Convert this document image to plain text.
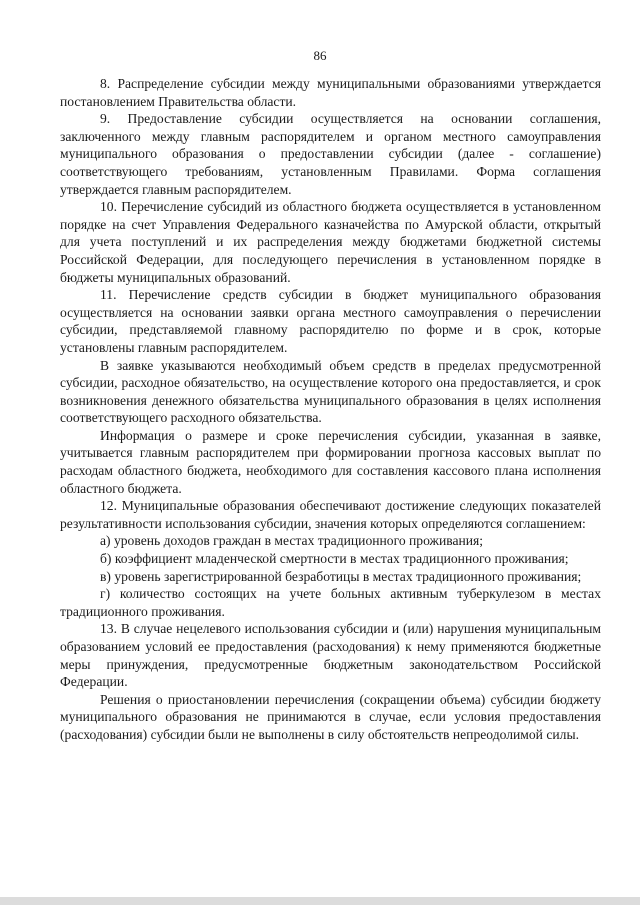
86

8. Распределение субсидии между муниципальными образованиями утверждается постановлением Правительства области.

9. Предоставление субсидии осуществляется на основании соглашения, заключенного между главным распорядителем и органом местного самоуправления муниципального образования о предоставлении субсидии (далее - соглашение) соответствующего требованиям, установленным Правилами. Форма соглашения утверждается главным распорядителем.

10. Перечисление субсидий из областного бюджета осуществляется в установленном порядке на счет Управления Федерального казначейства по Амурской области, открытый для учета поступлений и их распределения между бюджетами бюджетной системы Российской Федерации, для последующего перечисления в установленном порядке в бюджеты муниципальных образований.

11. Перечисление средств субсидии в бюджет муниципального образования осуществляется на основании заявки органа местного самоуправления о перечислении субсидии, представляемой главному распорядителю по форме и в срок, которые установлены главным распорядителем.

В заявке указываются необходимый объем средств в пределах предусмотренной субсидии, расходное обязательство, на осуществление которого она предоставляется, и срок возникновения денежного обязательства муниципального образования в целях исполнения соответствующего расходного обязательства.

Информация о размере и сроке перечисления субсидии, указанная в заявке, учитывается главным распорядителем при формировании прогноза кассовых выплат по расходам областного бюджета, необходимого для составления кассового плана исполнения областного бюджета.

12. Муниципальные образования обеспечивают достижение следующих показателей результативности использования субсидии, значения которых определяются соглашением:

а) уровень доходов граждан в местах традиционного проживания;

б) коэффициент младенческой смертности в местах традиционного проживания;

в) уровень зарегистрированной безработицы в местах традиционного проживания;

г) количество состоящих на учете больных активным туберкулезом в местах традиционного проживания.

13. В случае нецелевого использования субсидии и (или) нарушения муниципальным образованием условий ее предоставления (расходования) к нему применяются бюджетные меры принуждения, предусмотренные бюджетным законодательством Российской Федерации.

Решения о приостановлении перечисления (сокращении объема) субсидии бюджету муниципального образования не принимаются в случае, если условия предоставления (расходования) субсидии были не выполнены в силу обстоятельств непреодолимой силы.
